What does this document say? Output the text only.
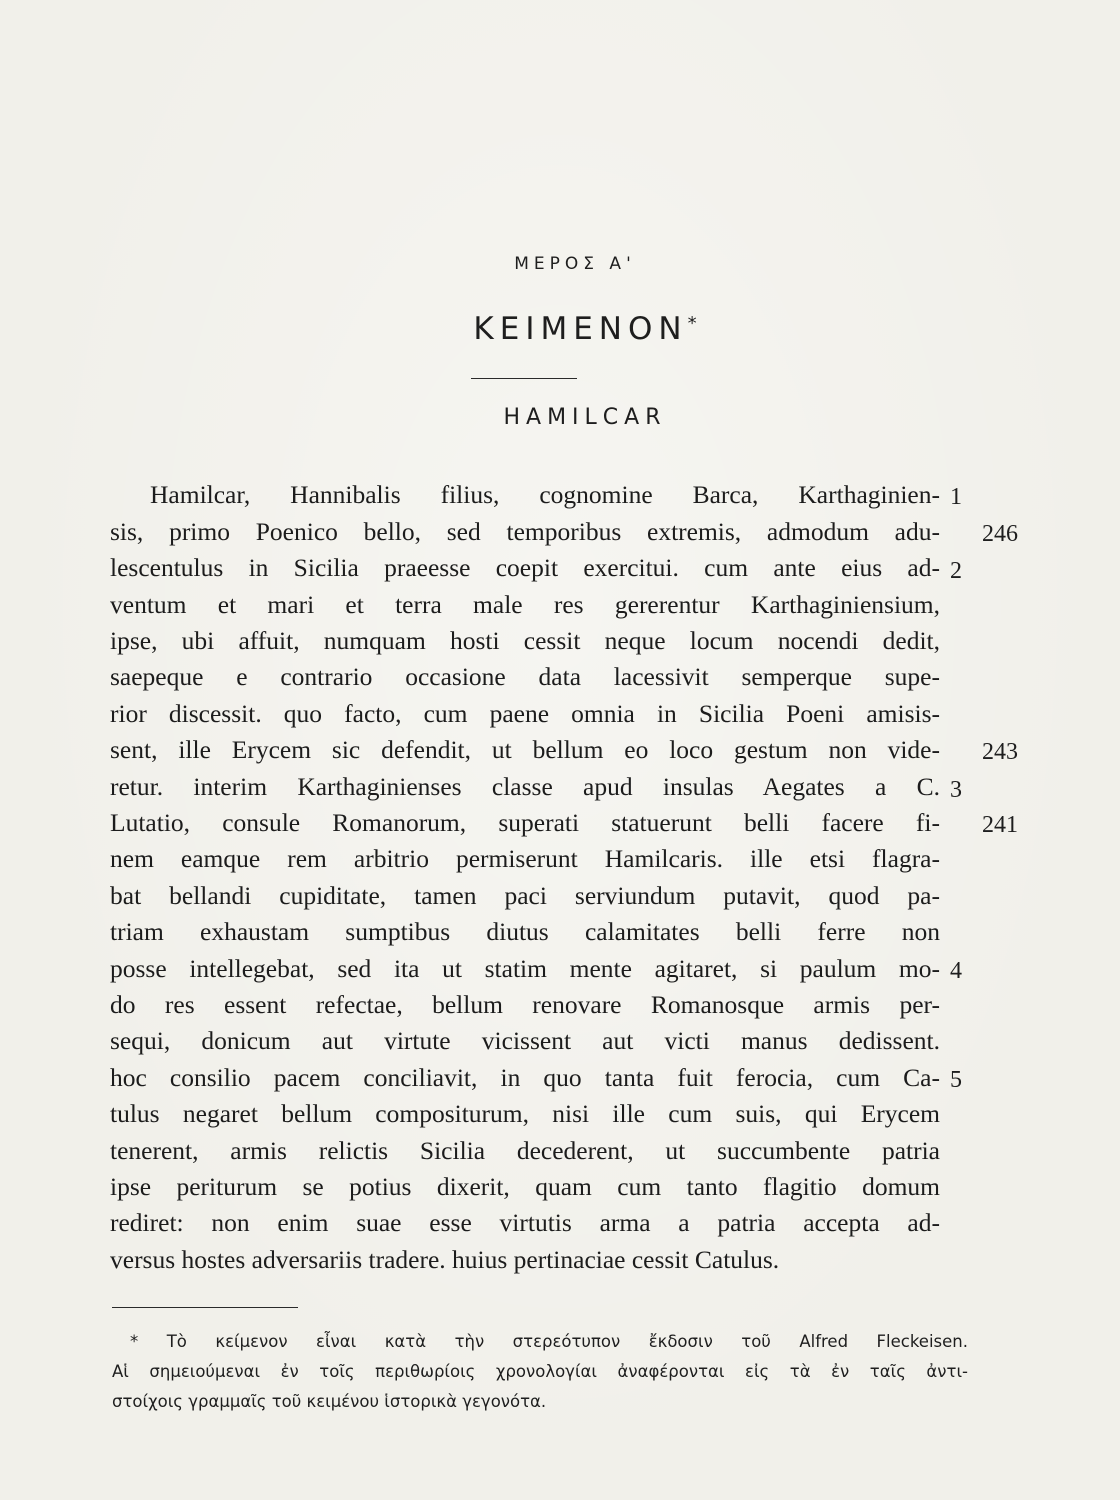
ΜΕΡΟΣ Α'
ΚΕΙΜΕΝΟΝ*
HAMILCAR
Hamilcar, Hannibalis filius, cognomine Barca, Karthaginien-
sis, primo Poenico bello, sed temporibus extremis, admodum adu-
lescentulus in Sicilia praeesse coepit exercitui. cum ante eius ad-
ventum et mari et terra male res gererentur Karthaginiensium,
ipse, ubi affuit, numquam hosti cessit neque locum nocendi dedit,
saepeque e contrario occasione data lacessivit semperque supe-
rior discessit. quo facto, cum paene omnia in Sicilia Poeni amisis-
sent, ille Erycem sic defendit, ut bellum eo loco gestum non vide-
retur. interim Karthaginienses classe apud insulas Aegates a C.
Lutatio, consule Romanorum, superati statuerunt belli facere fi-
nem eamque rem arbitrio permiserunt Hamilcaris. ille etsi flagra-
bat bellandi cupiditate, tamen paci serviundum putavit, quod pa-
triam exhaustam sumptibus diutus calamitates belli ferre non
posse intellegebat, sed ita ut statim mente agitaret, si paulum mo-
do res essent refectae, bellum renovare Romanosque armis per-
sequi, donicum aut virtute vicissent aut victi manus dedissent.
hoc consilio pacem conciliavit, in quo tanta fuit ferocia, cum Ca-
tulus negaret bellum compositurum, nisi ille cum suis, qui Erycem
tenerent, armis relictis Sicilia decederent, ut succumbente patria
ipse periturum se potius dixerit, quam cum tanto flagitio domum
rediret: non enim suae esse virtutis arma a patria accepta ad-
versus hostes adversariis tradere. huius pertinaciae cessit Catulus.
1
2
3
4
5
246
243
241
* Τὸ κείμενον εἶναι κατὰ τὴν στερεότυπον ἔκδοσιν τοῦ Alfred Fleckeisen.
Αἱ σημειούμεναι ἐν τοῖς περιθωρίοις χρονολογίαι ἀναφέρονται εἰς τὰ ἐν ταῖς ἀντι-
στοίχοις γραμμαῖς τοῦ κειμένου ἱστορικὰ γεγονότα.
